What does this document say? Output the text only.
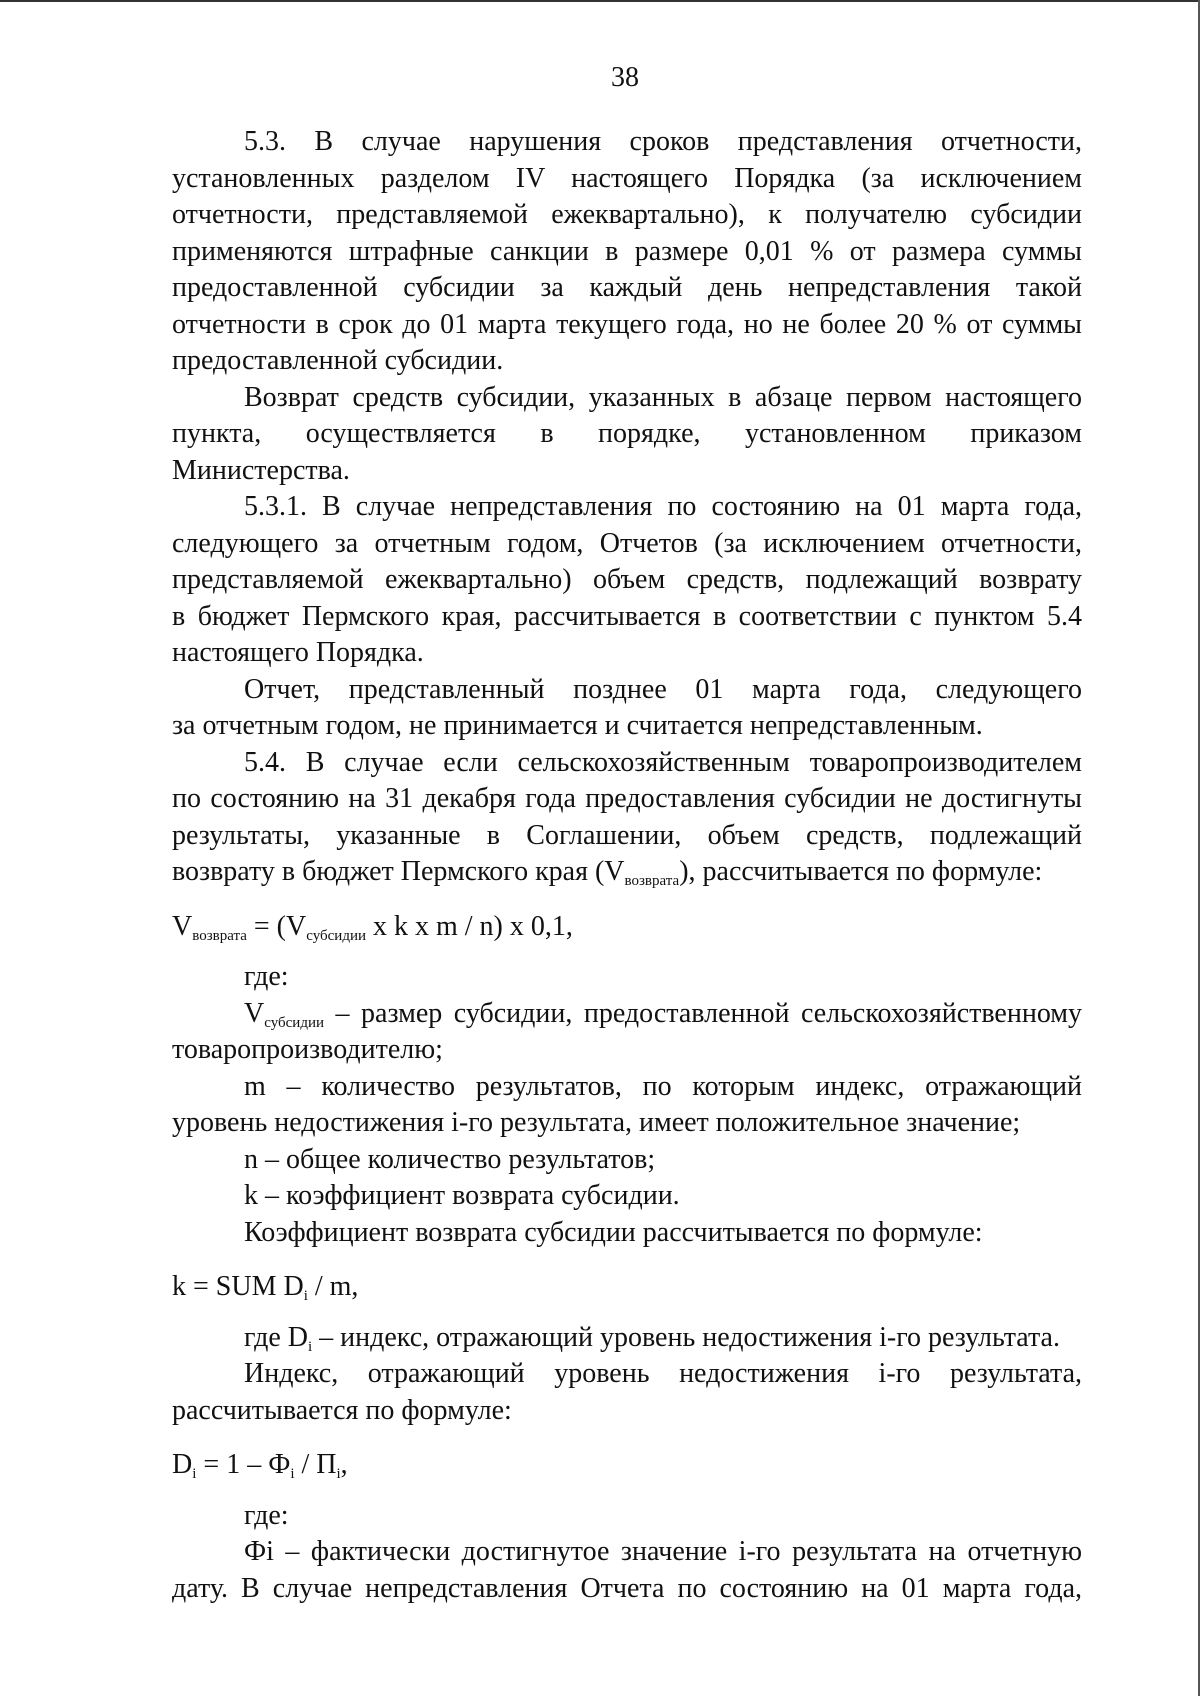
38

5.3. В случае нарушения сроков представления отчетности,

установленных разделом IV настоящего Порядка (за исключением

отчетности, представляемой ежеквартально), к получателю субсидии

применяются штрафные санкции в размере 0,01 % от размера суммы

предоставленной субсидии за каждый день непредставления такой

отчетности в срок до 01 марта текущего года, но не более 20 % от суммы

предоставленной субсидии.

Возврат средств субсидии, указанных в абзаце первом настоящего

пункта, осуществляется в порядке, установленном приказом

Министерства.

5.3.1. В случае непредставления по состоянию на 01 марта года,

следующего за отчетным годом, Отчетов (за исключением отчетности,

представляемой ежеквартально) объем средств, подлежащий возврату

в бюджет Пермского края, рассчитывается в соответствии с пунктом 5.4

настоящего Порядка.

Отчет, представленный позднее 01 марта года, следующего

за отчетным годом, не принимается и считается непредставленным.

5.4. В случае если сельскохозяйственным товаропроизводителем

по состоянию на 31 декабря года предоставления субсидии не достигнуты

результаты, указанные в Соглашении, объем средств, подлежащий

возврату в бюджет Пермского края $(V_{возврата})$, рассчитывается по формуле:

$V_{возврата} = (V_{субсидии}$ x k x m / n) x 0,1,

где:

$V_{субсидии}$ – размер субсидии, предоставленной сельскохозяйственному

товаропроизводителю;

m – количество результатов, по которым индекс, отражающий

уровень недостижения i-го результата, имеет положительное значение;

n – общее количество результатов;

k – коэффициент возврата субсидии.

Коэффициент возврата субсидии рассчитывается по формуле:

k = SUM $D_i$ / m,

где $D_i$ – индекс, отражающий уровень недостижения i-го результата.

Индекс, отражающий уровень недостижения i-го результата,

рассчитывается по формуле:

$D_i = 1 - Ф_i / П_i$,

где:

Фi – фактически достигнутое значение i-го результата на отчетную

дату. В случае непредставления Отчета по состоянию на 01 марта года,
